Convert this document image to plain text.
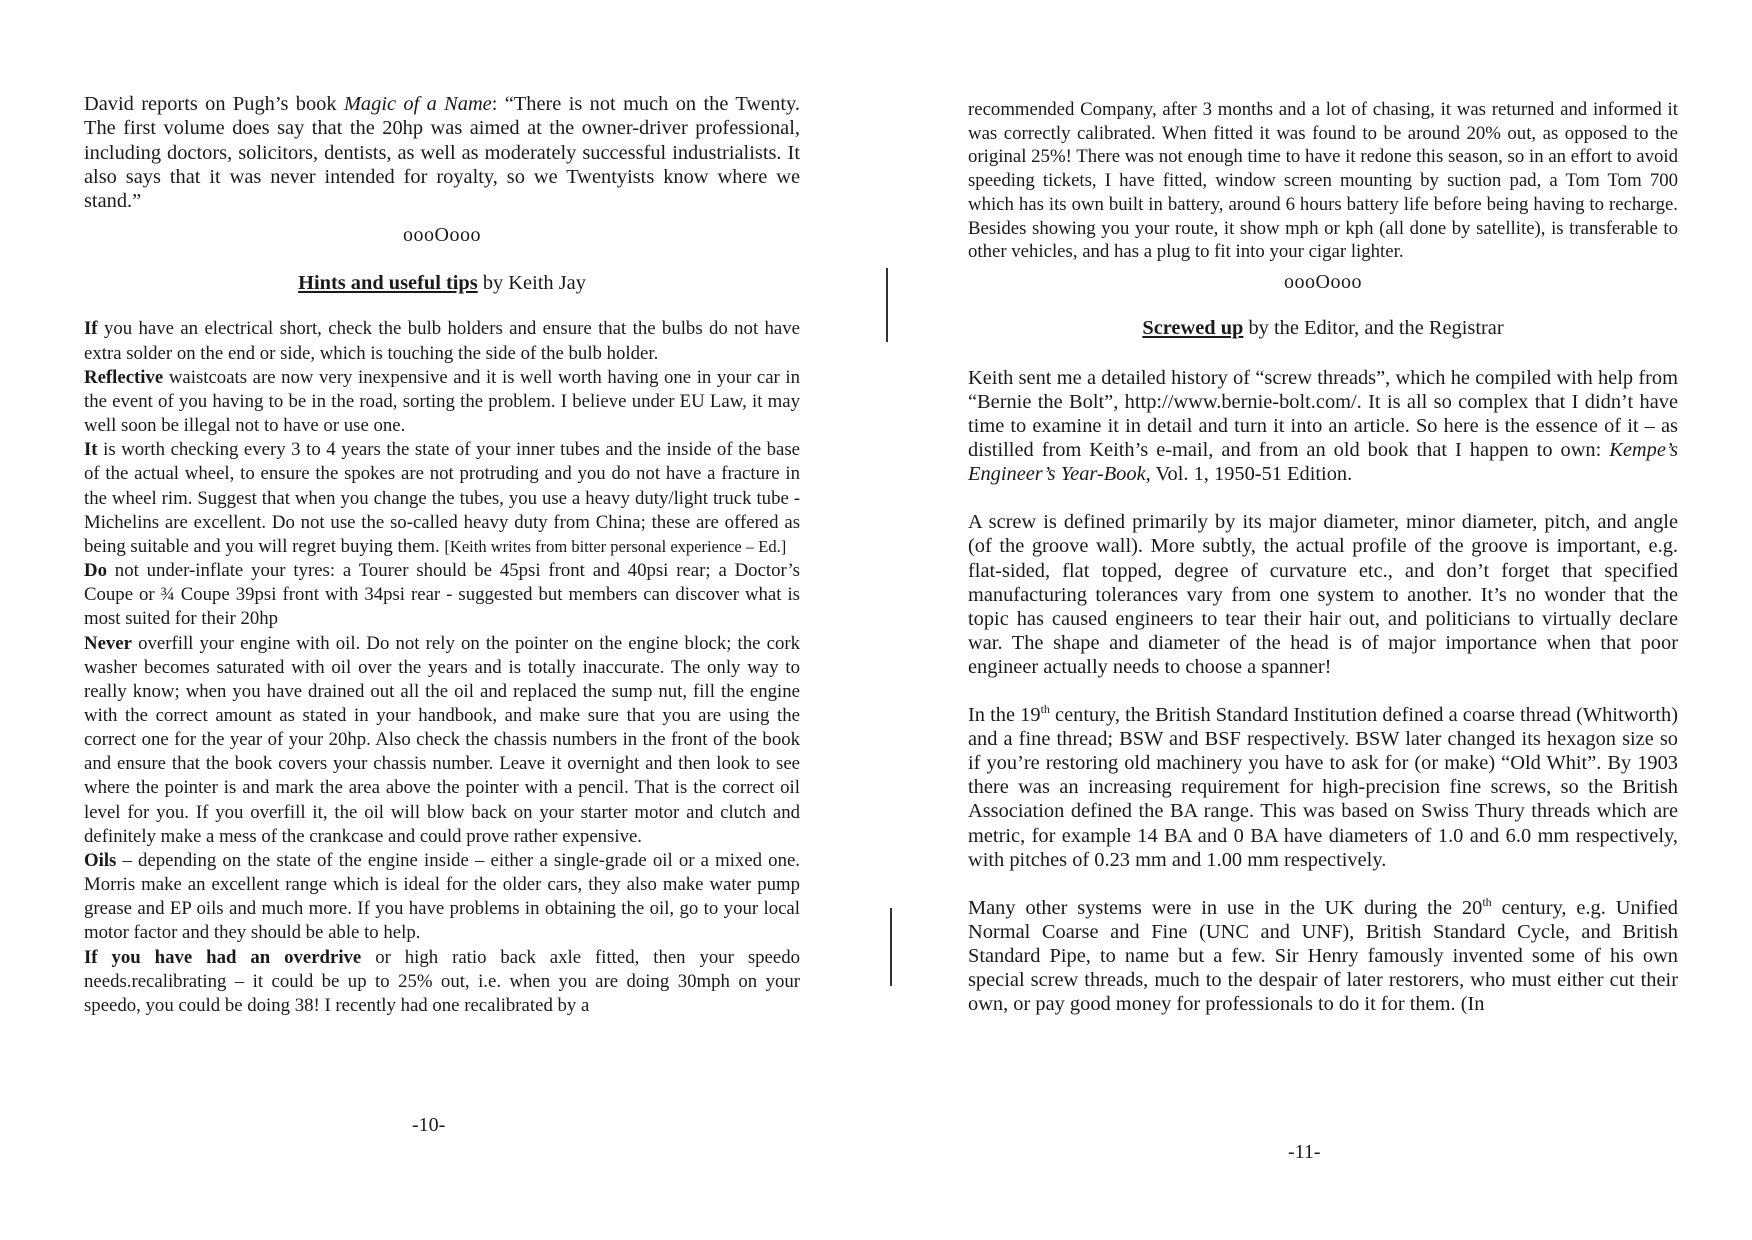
David reports on Pugh’s book Magic of a Name: “There is not much on the Twenty. The first volume does say that the 20hp was aimed at the owner-driver professional, including doctors, solicitors, dentists, as well as moderately successful industrialists. It also says that it was never intended for royalty, so we Twentyists know where we stand.”

oooOooo
Hints and useful tips by Keith Jay

If you have an electrical short, check the bulb holders and ensure that the bulbs do not have extra solder on the end or side, which is touching the side of the bulb holder.

Reflective waistcoats are now very inexpensive and it is well worth having one in your car in the event of you having to be in the road, sorting the problem. I believe under EU Law, it may well soon be illegal not to have or use one.

It is worth checking every 3 to 4 years the state of your inner tubes and the inside of the base of the actual wheel, to ensure the spokes are not protruding and you do not have a fracture in the wheel rim. Suggest that when you change the tubes, you use a heavy duty/light truck tube - Michelins are excellent. Do not use the so-called heavy duty from China; these are offered as being suitable and you will regret buying them. [Keith writes from bitter personal experience – Ed.]

Do not under-inflate your tyres: a Tourer should be 45psi front and 40psi rear; a Doctor’s Coupe or ¾ Coupe 39psi front with 34psi rear - suggested but members can discover what is most suited for their 20hp

Never overfill your engine with oil. Do not rely on the pointer on the engine block; the cork washer becomes saturated with oil over the years and is totally inaccurate. The only way to really know; when you have drained out all the oil and replaced the sump nut, fill the engine with the correct amount as stated in your handbook, and make sure that you are using the correct one for the year of your 20hp. Also check the chassis numbers in the front of the book and ensure that the book covers your chassis number. Leave it overnight and then look to see where the pointer is and mark the area above the pointer with a pencil. That is the correct oil level for you. If you overfill it, the oil will blow back on your starter motor and clutch and definitely make a mess of the crankcase and could prove rather expensive.

Oils – depending on the state of the engine inside – either a single-grade oil or a mixed one. Morris make an excellent range which is ideal for the older cars, they also make water pump grease and EP oils and much more. If you have problems in obtaining the oil, go to your local motor factor and they should be able to help.

If you have had an overdrive or high ratio back axle fitted, then your speedo needs.recalibrating – it could be up to 25% out, i.e. when you are doing 30mph on your speedo, you could be doing 38! I recently had one recalibrated by a

-10-

recommended Company, after 3 months and a lot of chasing, it was returned and informed it was correctly calibrated. When fitted it was found to be around 20% out, as opposed to the original 25%! There was not enough time to have it redone this season, so in an effort to avoid speeding tickets, I have fitted, window screen mounting by suction pad, a Tom Tom 700 which has its own built in battery, around 6 hours battery life before being having to recharge. Besides showing you your route, it show mph or kph (all done by satellite), is transferable to other vehicles, and has a plug to fit into your cigar lighter.

oooOooo
Screwed up by the Editor, and the Registrar

Keith sent me a detailed history of “screw threads”, which he compiled with help from “Bernie the Bolt”, http://www.bernie-bolt.com/. It is all so complex that I didn’t have time to examine it in detail and turn it into an article. So here is the essence of it – as distilled from Keith’s e-mail, and from an old book that I happen to own: Kempe’s Engineer’s Year-Book, Vol. 1, 1950-51 Edition.

A screw is defined primarily by its major diameter, minor diameter, pitch, and angle (of the groove wall). More subtly, the actual profile of the groove is important, e.g. flat-sided, flat topped, degree of curvature etc., and don’t forget that specified manufacturing tolerances vary from one system to another. It’s no wonder that the topic has caused engineers to tear their hair out, and politicians to virtually declare war. The shape and diameter of the head is of major importance when that poor engineer actually needs to choose a spanner!

In the 19th century, the British Standard Institution defined a coarse thread (Whitworth) and a fine thread; BSW and BSF respectively. BSW later changed its hexagon size so if you’re restoring old machinery you have to ask for (or make) “Old Whit”. By 1903 there was an increasing requirement for high-precision fine screws, so the British Association defined the BA range. This was based on Swiss Thury threads which are metric, for example 14 BA and 0 BA have diameters of 1.0 and 6.0 mm respectively, with pitches of 0.23 mm and 1.00 mm respectively.

Many other systems were in use in the UK during the 20th century, e.g. Unified Normal Coarse and Fine (UNC and UNF), British Standard Cycle, and British Standard Pipe, to name but a few. Sir Henry famously invented some of his own special screw threads, much to the despair of later restorers, who must either cut their own, or pay good money for professionals to do it for them. (In

-11-
